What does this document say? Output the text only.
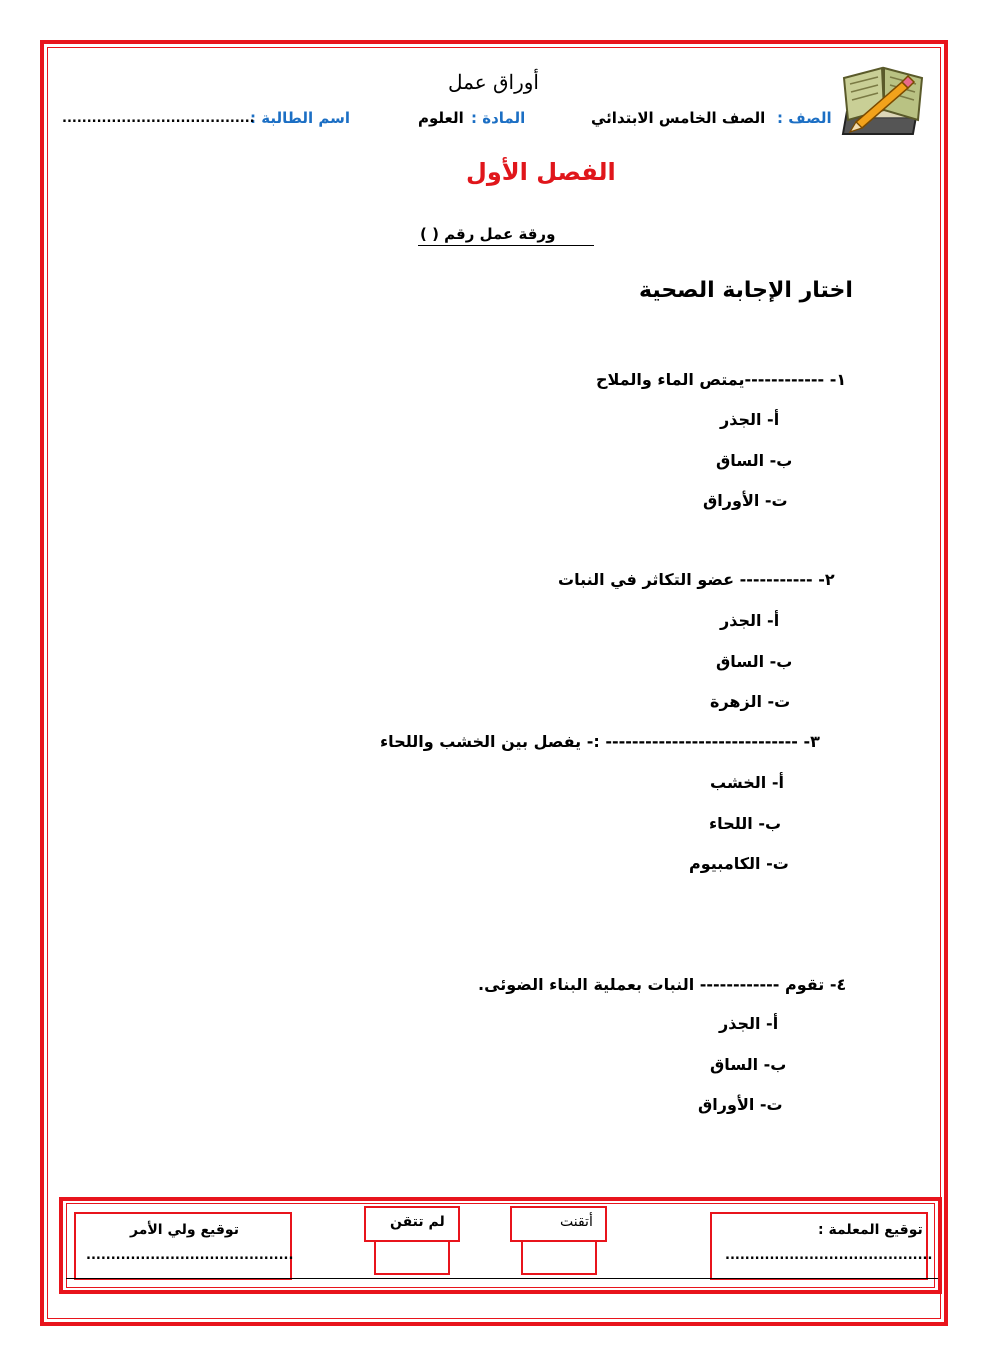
أوراق عمل
الصف :
الصف الخامس الابتدائي
المادة :
العلوم
اسم الطالبة :
.......................................
الفصل الأول
ورقة عمل رقم ( )
اختار الإجابة الصحية
١- ------------يمتص الماء والملاح
أ- الجذر
ب- الساق
ت- الأوراق
٢- ----------- عضو التكاثر في النبات
أ- الجذر
ب- الساق
ت- الزهرة
٣- ----------------------------- :- يفصل بين الخشب واللحاء
أ- الخشب
ب- اللحاء
ت- الكامبيوم
٤- تقوم ------------ النبات بعملية البناء الضوئى.
أ- الجذر
ب- الساق
ت- الأوراق
توقيع المعلمة :
..........................................
أتقنت
لم تتقن
توقيع ولي الأمر
..........................................
